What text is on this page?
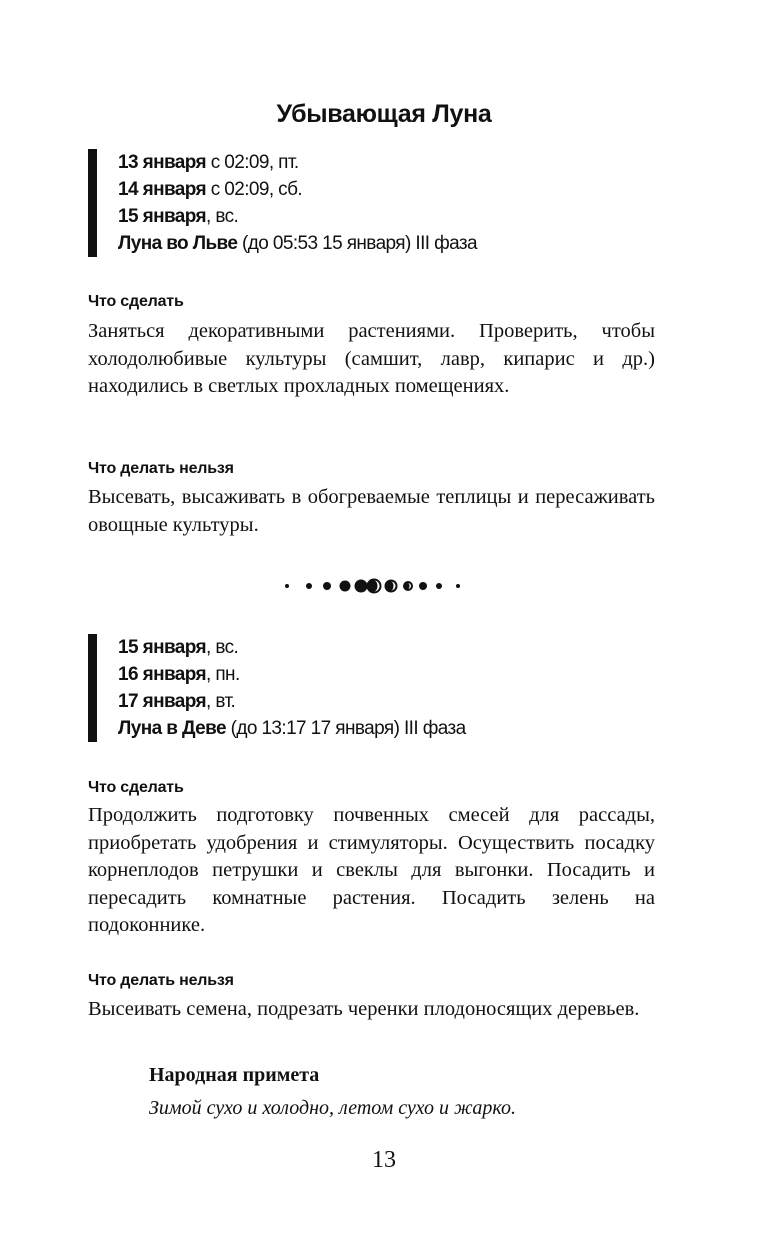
Убывающая Луна
13 января с 02:09, пт.
14 января с 02:09, сб.
15 января, вс.
Луна во Льве (до 05:53 15 января) III фаза
Что сделать

Заняться декоративными растениями. Проверить, чтобы холодолюбивые культуры (самшит, лавр, кипарис и др.) находились в светлых прохладных помещениях.

Что делать нельзя

Высевать, высаживать в обогреваемые теплицы и пересаживать овощные культуры.

15 января, вс.
16 января, пн.
17 января, вт.
Луна в Деве (до 13:17 17 января) III фаза
Что сделать

Продолжить подготовку почвенных смесей для рассады, приобретать удобрения и стимуляторы. Осуществить посадку корнеплодов петрушки и свеклы для выгонки. Посадить и пересадить комнатные растения. Посадить зелень на подоконнике.

Что делать нельзя

Высеивать семена, подрезать черенки плодоносящих деревьев.

Народная примета
Зимой сухо и холодно, летом сухо и жарко.
13
